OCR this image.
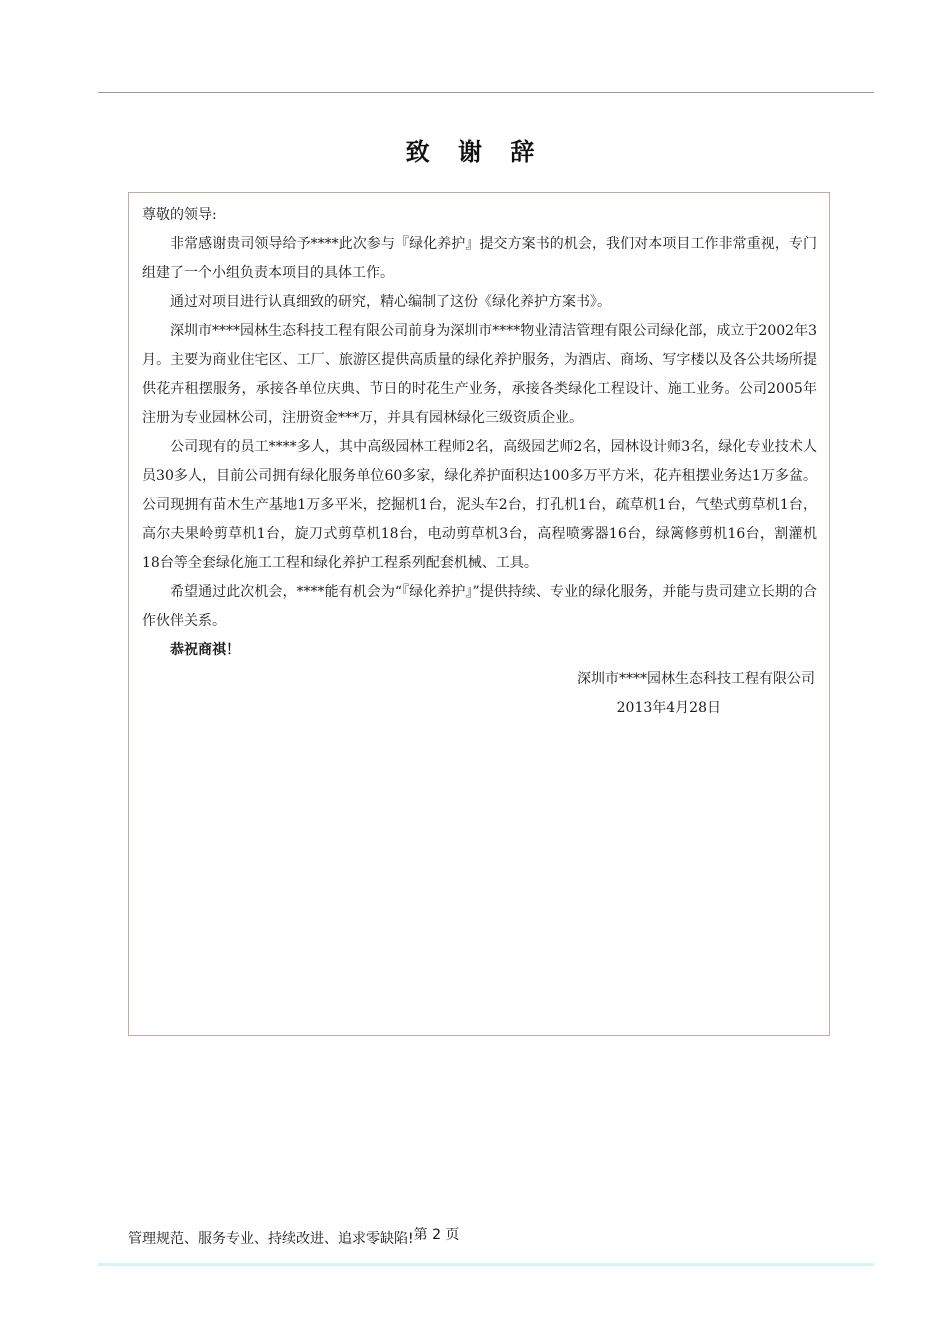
致 谢 辞

尊敬的领导:

非常感谢贵司领导给予****此次参与『绿化养护』提交方案书的机会，我们对本项目工作非常重视，专门组建了一个小组负责本项目的具体工作。

通过对项目进行认真细致的研究，精心编制了这份《绿化养护方案书》。

深圳市****园林生态科技工程有限公司前身为深圳市****物业清洁管理有限公司绿化部，成立于2002年3月。主要为商业住宅区、工厂、旅游区提供高质量的绿化养护服务，为酒店、商场、写字楼以及各公共场所提供花卉租摆服务，承接各单位庆典、节日的时花生产业务，承接各类绿化工程设计、施工业务。公司2005年注册为专业园林公司，注册资金***万，并具有园林绿化三级资质企业。

公司现有的员工****多人，其中高级园林工程师2名，高级园艺师2名，园林设计师3名，绿化专业技术人员30多人，目前公司拥有绿化服务单位60多家，绿化养护面积达100多万平方米，花卉租摆业务达1万多盆。公司现拥有苗木生产基地1万多平米，挖掘机1台，泥头车2台，打孔机1台，疏草机1台，气垫式剪草机1台，高尔夫果岭剪草机1台，旋刀式剪草机18台，电动剪草机3台，高程喷雾器16台，绿篱修剪机16台，割灌机18台等全套绿化施工工程和绿化养护工程系列配套机械、工具。

希望通过此次机会，****能有机会为“『绿化养护』”提供持续、专业的绿化服务，并能与贵司建立长期的合作伙伴关系。

恭祝商祺！

深圳市****园林生态科技工程有限公司

2013年4月28日

管理规范、服务专业、持续改进、追求零缺陷!第 2 页
